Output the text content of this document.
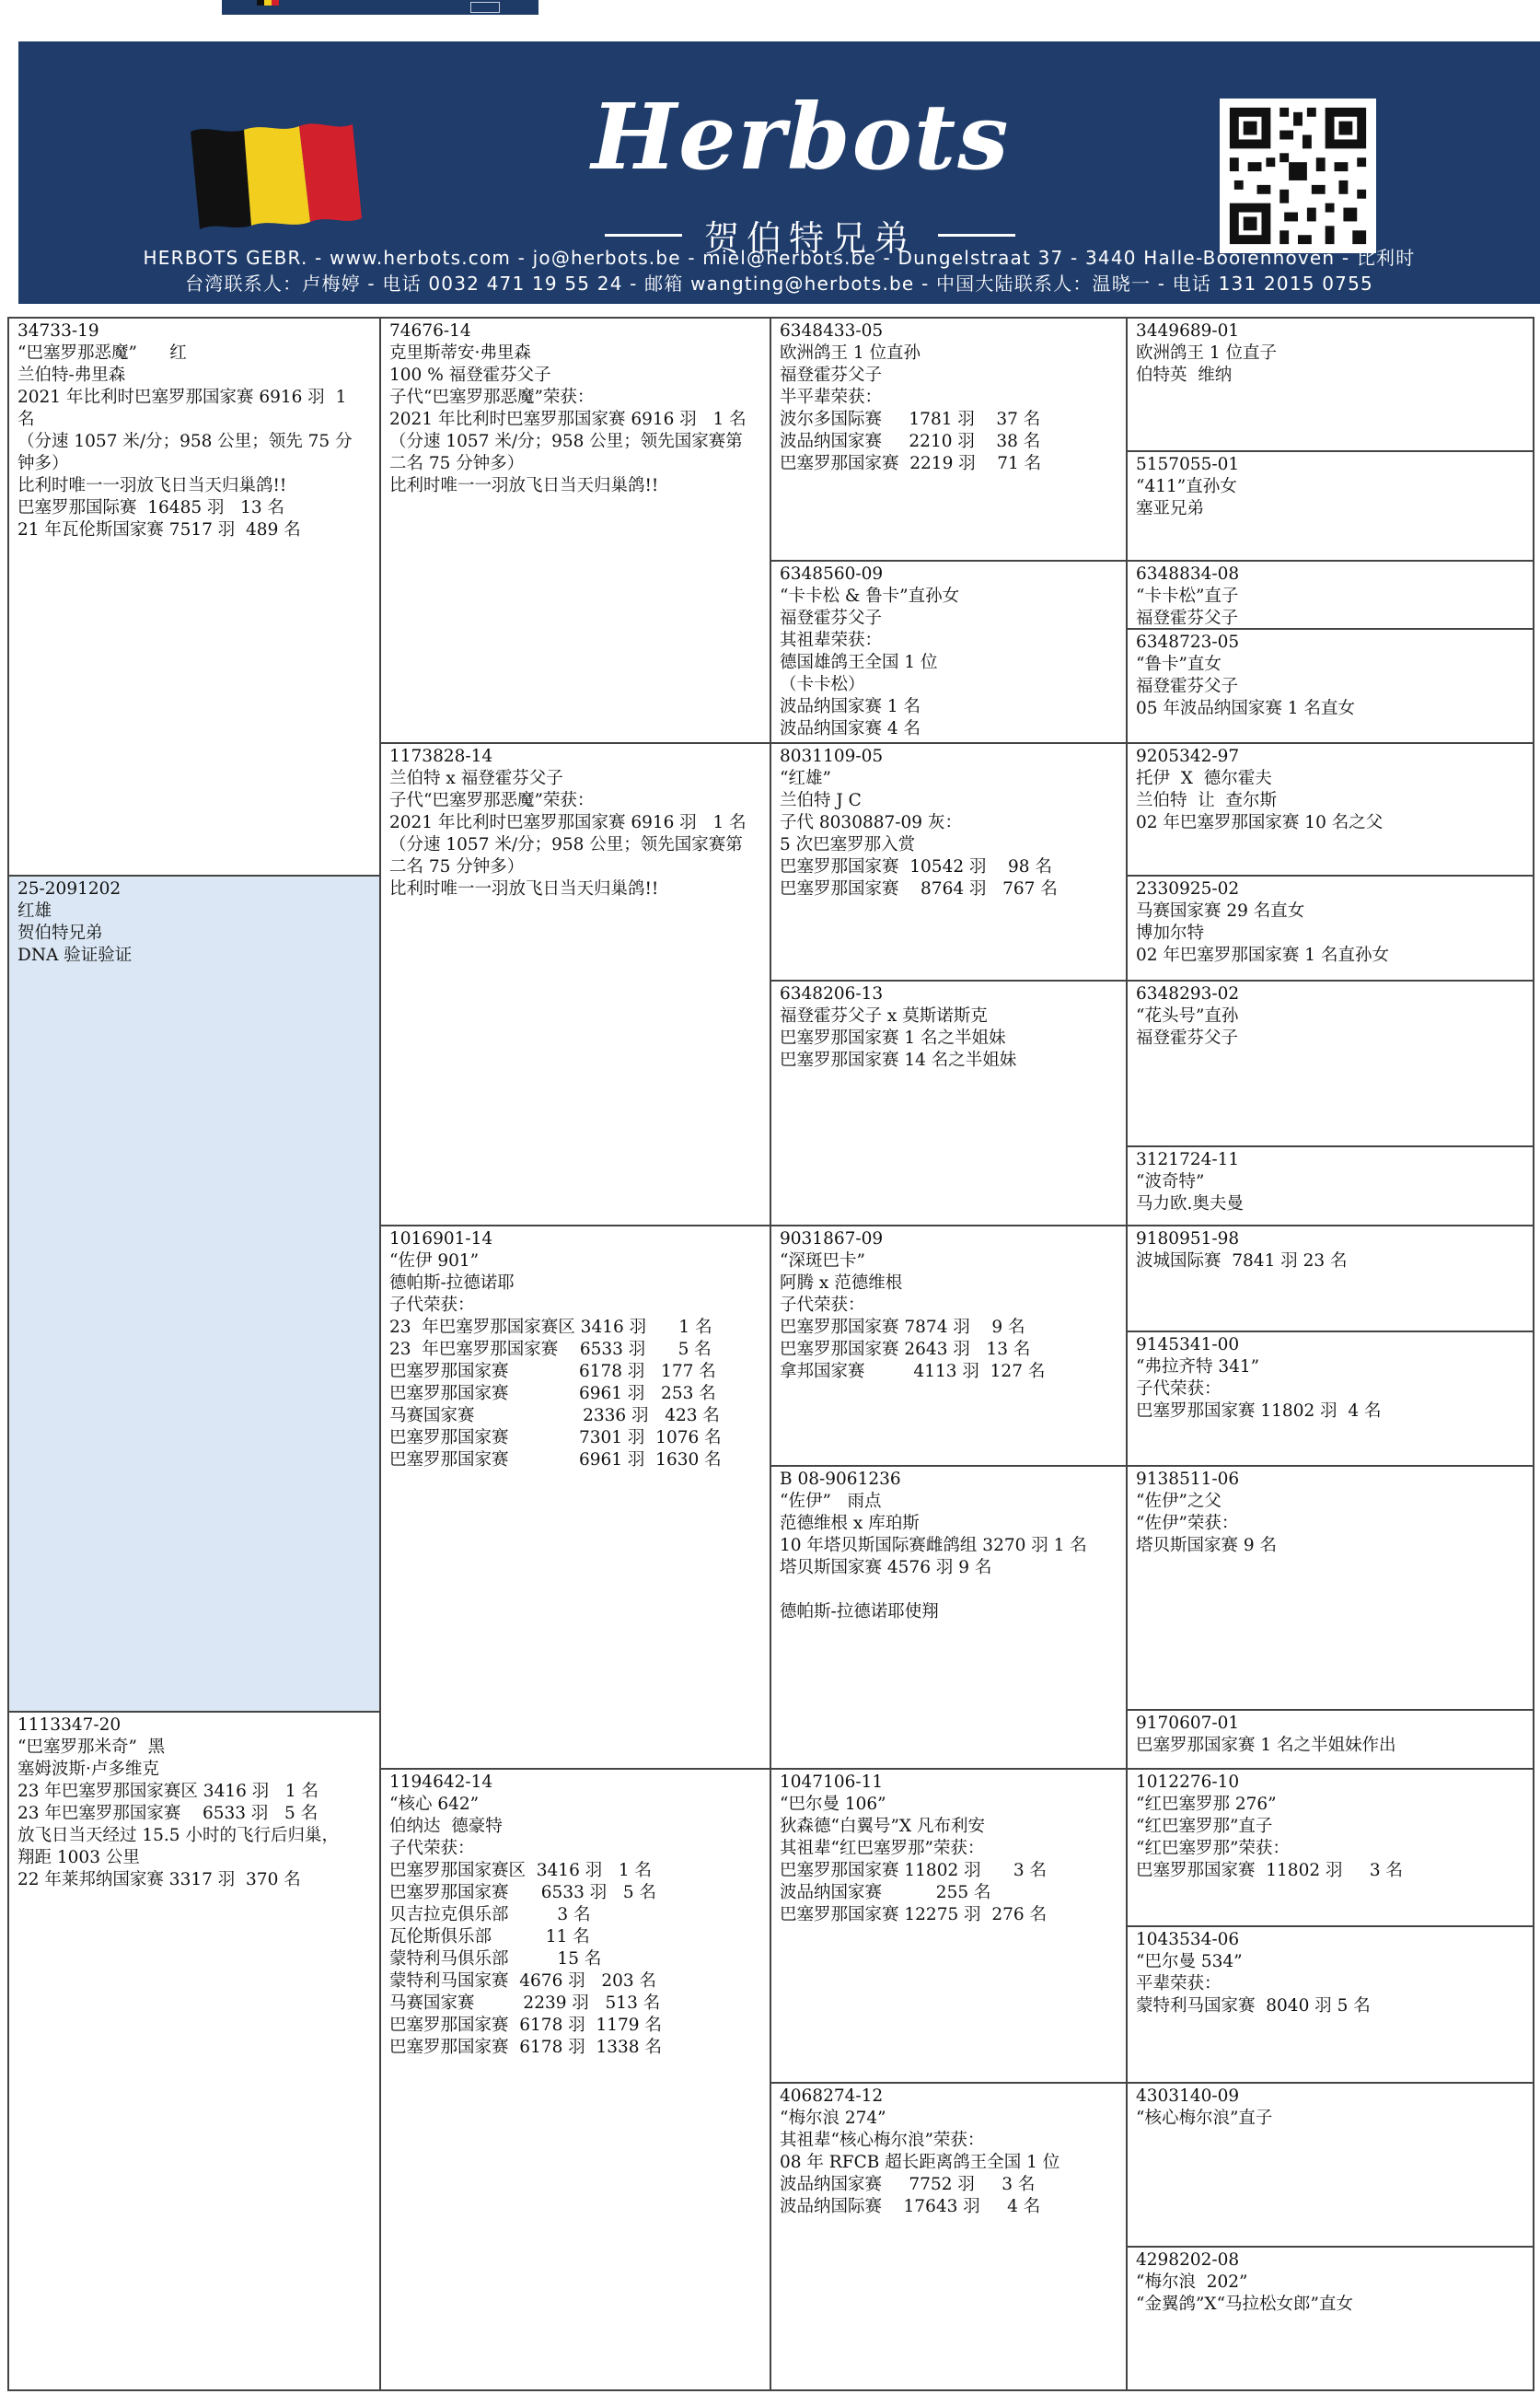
Herbots
贺伯特兄弟
HERBOTS GEBR. - www.herbots.com - jo@herbots.be - miel@herbots.be - Dungelstraat 37 - 3440 Halle-Booienhoven - 比利时
台湾联系人：卢梅婷 - 电话 0032 471 19 55 24 - 邮箱 wangting@herbots.be - 中国大陆联系人：温晓一 - 电话 131 2015 0755
34733-19
“巴塞罗那恶魔”      红
兰伯特-弗里森
2021 年比利时巴塞罗那国家赛 6916 羽  1
名
（分速 1057 米/分；958 公里；领先 75 分
钟多）
比利时唯一一羽放飞日当天归巢鸽!!
巴塞罗那国际赛  16485 羽   13 名
21 年瓦伦斯国家赛 7517 羽  489 名
25-2091202
红雄
贺伯特兄弟
DNA 验证验证
1113347-20
“巴塞罗那米奇”  黑
塞姆波斯·卢多维克
23 年巴塞罗那国家赛区 3416 羽   1 名
23 年巴塞罗那国家赛    6533 羽   5 名
放飞日当天经过 15.5 小时的飞行后归巢，
翔距 1003 公里
22 年莱邦纳国家赛 3317 羽  370 名
74676-14
克里斯蒂安·弗里森
100 % 福登霍芬父子
子代“巴塞罗那恶魔”荣获：
2021 年比利时巴塞罗那国家赛 6916 羽   1 名
（分速 1057 米/分；958 公里；领先国家赛第
二名 75 分钟多）
比利时唯一一羽放飞日当天归巢鸽!!
1173828-14
兰伯特 x 福登霍芬父子
子代“巴塞罗那恶魔”荣获：
2021 年比利时巴塞罗那国家赛 6916 羽   1 名
（分速 1057 米/分；958 公里；领先国家赛第
二名 75 分钟多）
比利时唯一一羽放飞日当天归巢鸽!!
1016901-14
“佐伊 901”
德帕斯-拉德诺耶
子代荣获：
23  年巴塞罗那国家赛区 3416 羽      1 名
23  年巴塞罗那国家赛    6533 羽      5 名
巴塞罗那国家赛             6178 羽   177 名
巴塞罗那国家赛             6961 羽   253 名
马赛国家赛                    2336 羽   423 名
巴塞罗那国家赛             7301 羽  1076 名
巴塞罗那国家赛             6961 羽  1630 名
1194642-14
“核心 642”
伯纳达  德豪特
子代荣获：
巴塞罗那国家赛区  3416 羽   1 名
巴塞罗那国家赛      6533 羽   5 名
贝吉拉克俱乐部         3 名
瓦伦斯俱乐部          11 名
蒙特利马俱乐部         15 名
蒙特利马国家赛  4676 羽   203 名
马赛国家赛         2239 羽   513 名
巴塞罗那国家赛  6178 羽  1179 名
巴塞罗那国家赛  6178 羽  1338 名
6348433-05
欧洲鸽王 1 位直孙
福登霍芬父子
半平辈荣获：
波尔多国际赛     1781 羽    37 名
波品纳国家赛     2210 羽    38 名
巴塞罗那国家赛  2219 羽    71 名
6348560-09
“卡卡松 & 鲁卡”直孙女
福登霍芬父子
其祖辈荣获：
德国雄鸽王全国 1 位
（卡卡松）
波品纳国家赛 1 名
波品纳国家赛 4 名
8031109-05
“红雄”
兰伯特 J C
子代 8030887-09 灰：
5 次巴塞罗那入赏
巴塞罗那国家赛  10542 羽    98 名
巴塞罗那国家赛    8764 羽   767 名
6348206-13
福登霍芬父子 x 莫斯诺斯克
巴塞罗那国家赛 1 名之半姐妹
巴塞罗那国家赛 14 名之半姐妹
9031867-09
“深斑巴卡”
阿腾 x 范德维根
子代荣获：
巴塞罗那国家赛 7874 羽    9 名
巴塞罗那国家赛 2643 羽   13 名
拿邦国家赛         4113 羽  127 名
B 08-9061236
“佐伊”   雨点
范德维根 x 库珀斯
10 年塔贝斯国际赛雌鸽组 3270 羽 1 名
塔贝斯国家赛 4576 羽 9 名

德帕斯-拉德诺耶使翔
1047106-11
“巴尔曼 106”
狄森德“白翼号”X 凡布利安
其祖辈“红巴塞罗那”荣获：
巴塞罗那国家赛 11802 羽      3 名
波品纳国家赛          255 名
巴塞罗那国家赛 12275 羽  276 名
4068274-12
“梅尔浪 274”
其祖辈“核心梅尔浪”荣获：
08 年 RFCB 超长距离鸽王全国 1 位
波品纳国家赛     7752 羽     3 名
波品纳国际赛    17643 羽     4 名
3449689-01
欧洲鸽王 1 位直子
伯特英  维纳
5157055-01
“411”直孙女
塞亚兄弟
6348834-08
“卡卡松”直子
福登霍芬父子
6348723-05
“鲁卡”直女
福登霍芬父子
05 年波品纳国家赛 1 名直女
9205342-97
托伊  X  德尔霍夫
兰伯特  让  查尔斯
02 年巴塞罗那国家赛 10 名之父
2330925-02
马赛国家赛 29 名直女
博加尔特
02 年巴塞罗那国家赛 1 名直孙女
6348293-02
“花头号”直孙
福登霍芬父子
3121724-11
“波奇特”
马力欧.奥夫曼
9180951-98
波城国际赛  7841 羽 23 名
9145341-00
“弗拉齐特 341”
子代荣获：
巴塞罗那国家赛 11802 羽  4 名
9138511-06
“佐伊”之父
“佐伊”荣获：
塔贝斯国家赛 9 名
9170607-01
巴塞罗那国家赛 1 名之半姐妹作出
1012276-10
“红巴塞罗那 276”
“红巴塞罗那”直子
“红巴塞罗那”荣获：
巴塞罗那国家赛  11802 羽     3 名
1043534-06
“巴尔曼 534”
平辈荣获：
蒙特利马国家赛  8040 羽 5 名
4303140-09
“核心梅尔浪”直子
4298202-08
“梅尔浪  202”
“金翼鸽”X“马拉松女郎”直女
